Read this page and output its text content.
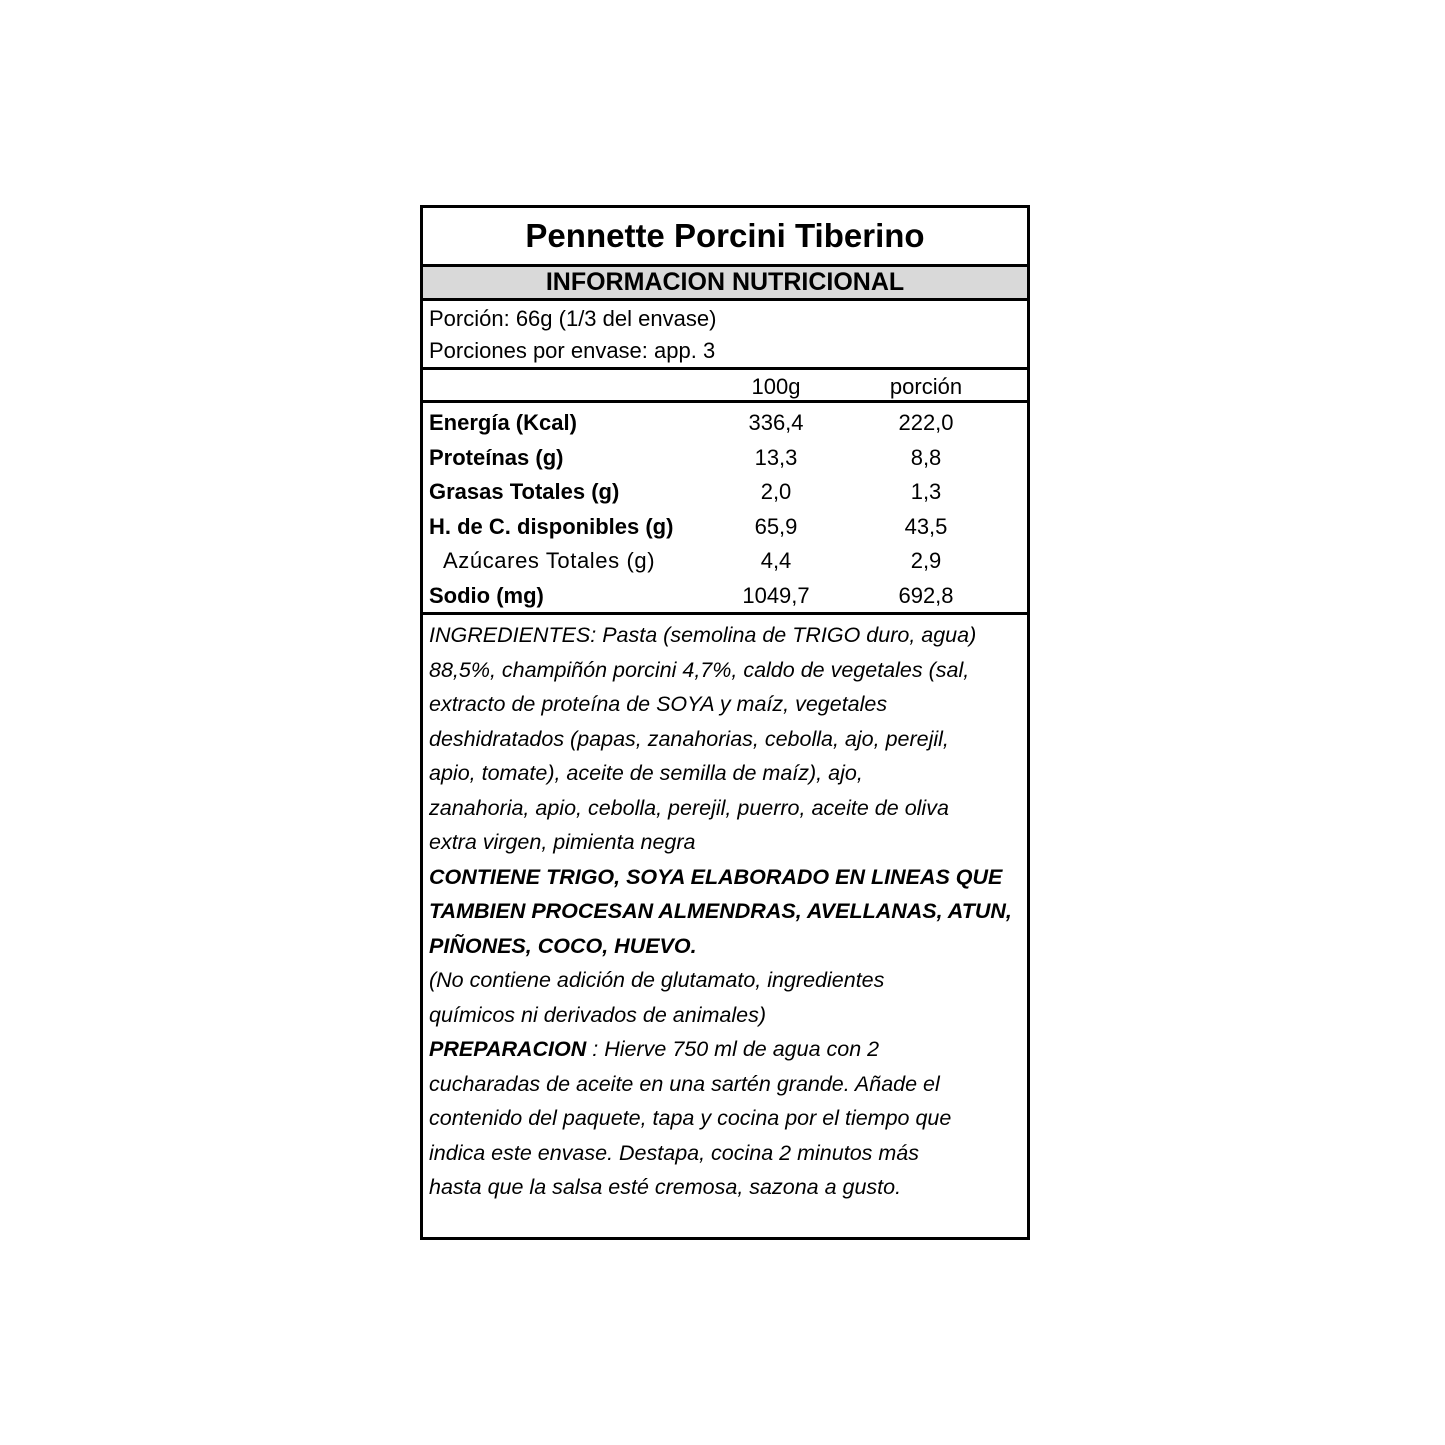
Pennette Porcini Tiberino
INFORMACION NUTRICIONAL
Porción: 66g (1/3 del envase)
Porciones por envase: app. 3
100g	porción
Energía (Kcal)	336,4	222,0
Proteínas (g)	13,3	8,8
Grasas Totales (g)	2,0	1,3
H. de C. disponibles (g)	65,9	43,5
Azúcares Totales (g)	4,4	2,9
Sodio (mg)	1049,7	692,8
INGREDIENTES: Pasta (semolina de TRIGO duro, agua)
88,5%, champiñón porcini 4,7%, caldo de vegetales (sal,
extracto de proteína de SOYA y maíz, vegetales
deshidratados (papas, zanahorias, cebolla, ajo, perejil,
apio, tomate), aceite de semilla de maíz), ajo,
zanahoria, apio, cebolla, perejil, puerro, aceite de oliva
extra virgen, pimienta negra
CONTIENE TRIGO, SOYA ELABORADO EN LINEAS QUE
TAMBIEN PROCESAN ALMENDRAS, AVELLANAS, ATUN,
PIÑONES, COCO, HUEVO.
(No contiene adición de glutamato, ingredientes
químicos ni derivados de animales)
PREPARACION : Hierve 750 ml de agua con 2
cucharadas de aceite en una sartén grande. Añade el
contenido del paquete, tapa y cocina por el tiempo que
indica este envase. Destapa, cocina 2 minutos más
hasta que la salsa esté cremosa, sazona a gusto.
